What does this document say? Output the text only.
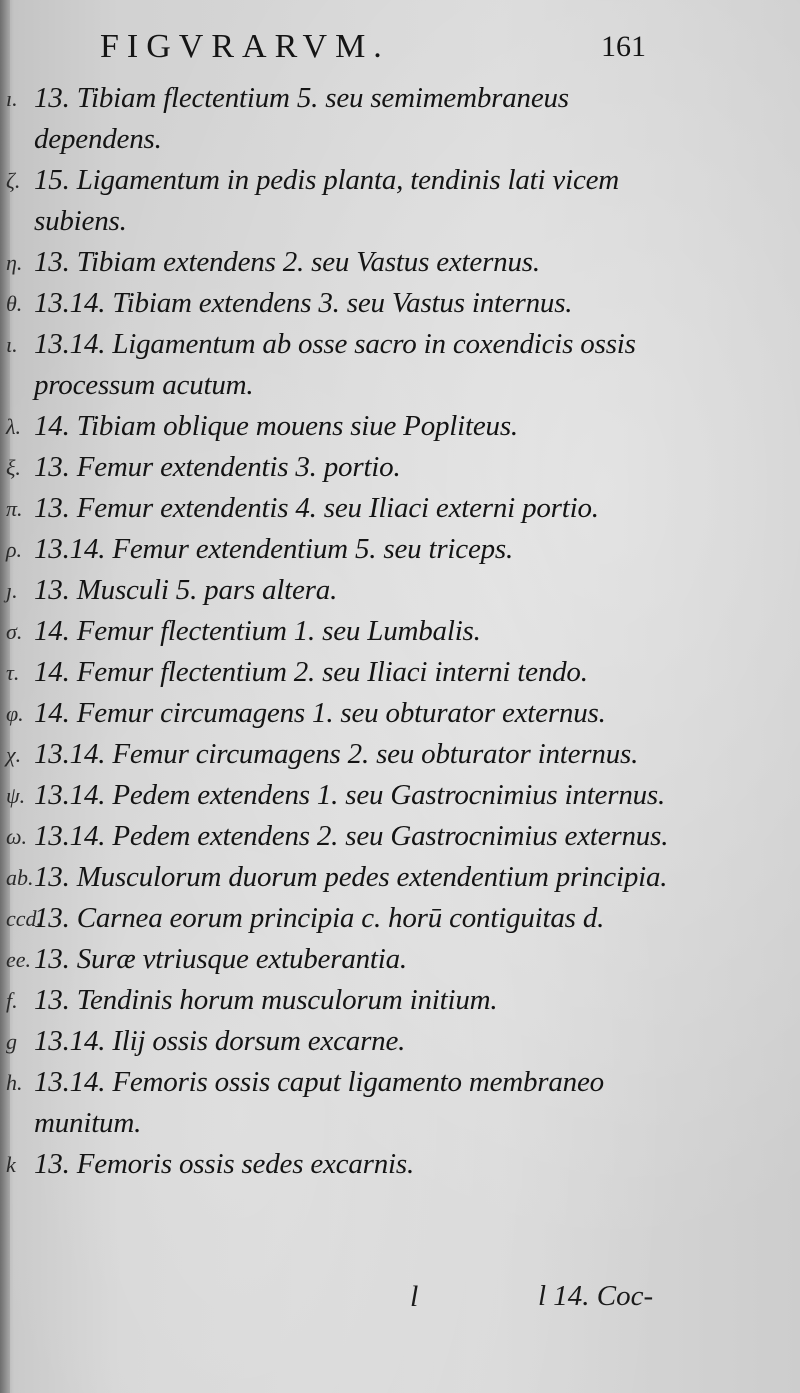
FIGVRARVM.	161
ı. 13. Tibiam flectentium 5. seu semimembraneus dependens.
ζ. 15. Ligamentum in pedis planta, tendinis lati vicem subiens.
η. 13. Tibiam extendens 2. seu Vastus externus.
θ. 13.14. Tibiam extendens 3. seu Vastus internus.
ι. 13.14. Ligamentum ab osse sacro in coxendicis ossis processum acutum.
λ. 14. Tibiam oblique mouens siue Popliteus.
ξ. 13. Femur extendentis 3. portio.
π. 13. Femur extendentis 4. seu Iliaci externi portio.
ρ. 13.14. Femur extendentium 5. seu triceps.
ȷ. 13. Musculi 5. pars altera.
σ. 14. Femur flectentium 1. seu Lumbalis.
τ. 14. Femur flectentium 2. seu Iliaci interni tendo.
φ. 14. Femur circumagens 1. seu obturator externus.
χ. 13.14. Femur circumagens 2. seu obturator internus.
ψ. 13.14. Pedem extendens 1. seu Gastrocnimius internus.
ω. 13.14. Pedem extendens 2. seu Gastrocnimius externus.
ab. 13. Musculorum duorum pedes extendentium principia.
ccd.
13. Carnea eorum principia c. horū contiguitas d.
ee. 13. Suræ vtriusque extuberantia.
f. 13. Tendinis horum musculorum initium.
g 13.14. Ilij ossis dorsum excarne.
h. 13.14. Femoris ossis caput ligamento membraneo munitum.
k 13. Femoris ossis sedes excarnis.
l	l 14. Coc-
